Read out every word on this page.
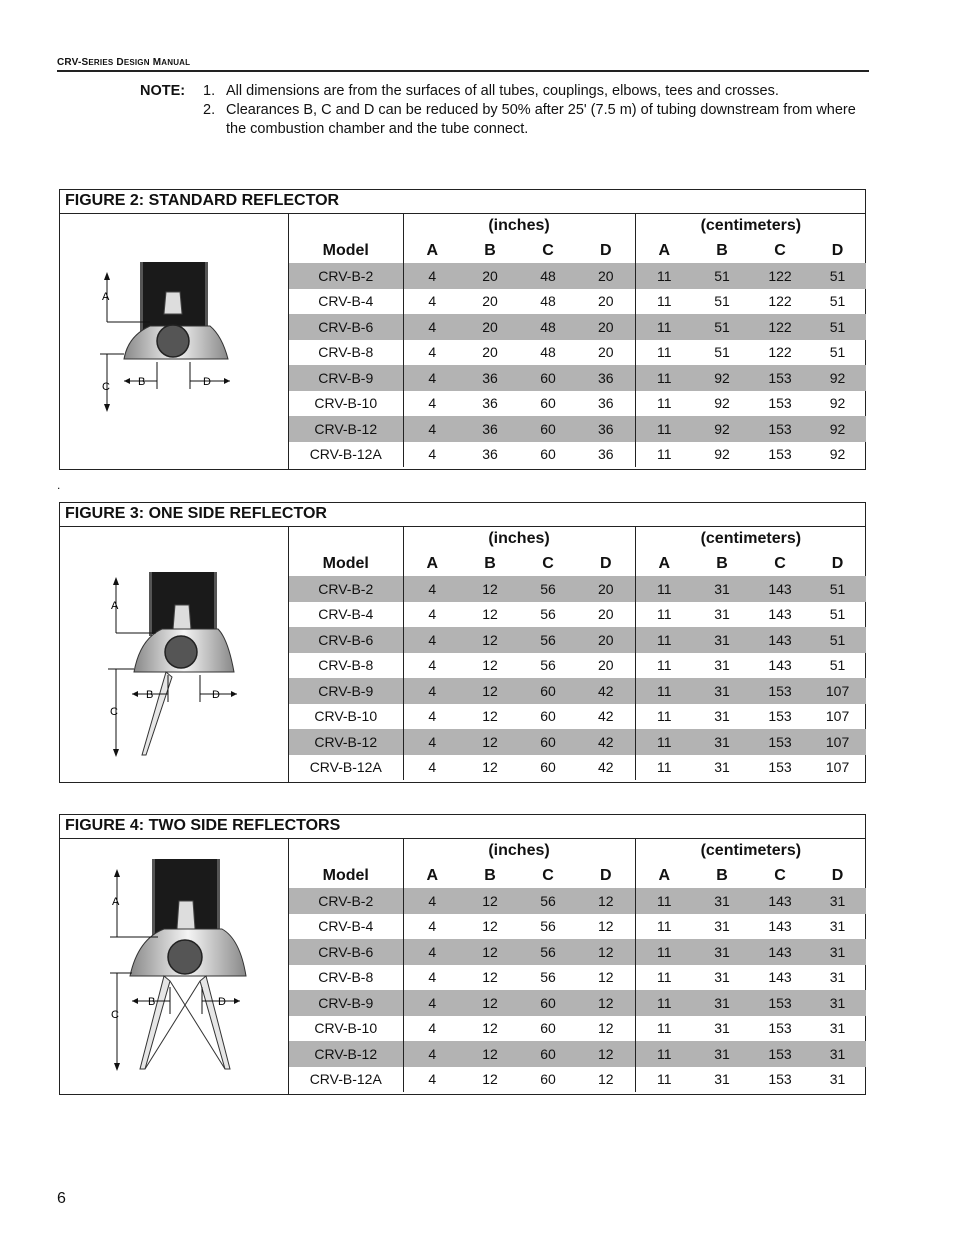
CRV-SERIES DESIGN MANUAL
NOTE: 1. All dimensions are from the surfaces of all tubes, couplings, elbows, tees and crosses.
2. Clearances B, C and D can be reduced by 50% after 25' (7.5 m) of tubing downstream from where the combustion chamber and the tube connect.
FIGURE 2: STANDARD REFLECTOR
A
B
C	D
	(inches)				(centimeters)			
Model	A	B	C	D	A	B	C	D
CRV-B-2	4	20	48	20	11	51	122	51
CRV-B-4	4	20	48	20	11	51	122	51
CRV-B-6	4	20	48	20	11	51	122	51
CRV-B-8	4	20	48	20	11	51	122	51
CRV-B-9	4	36	60	36	11	92	153	92
CRV-B-10	4	36	60	36	11	92	153	92
CRV-B-12	4	36	60	36	11	92	153	92
CRV-B-12A	4	36	60	36	11	92	153	92
.
FIGURE 3: ONE SIDE REFLECTOR
A
B
C
D
	(inches)				(centimeters)			
Model	A	B	C	D	A	B	C	D
CRV-B-2	4	12	56	20	11	31	143	51
CRV-B-4	4	12	56	20	11	31	143	51
CRV-B-6	4	12	56	20	11	31	143	51
CRV-B-8	4	12	56	20	11	31	143	51
CRV-B-9	4	12	60	42	11	31	153	107
CRV-B-10	4	12	60	42	11	31	153	107
CRV-B-12	4	12	60	42	11	31	153	107
CRV-B-12A	4	12	60	42	11	31	153	107
FIGURE 4: TWO SIDE REFLECTORS
A
B
C
D
	(inches)				(centimeters)			
Model	A	B	C	D	A	B	C	D
CRV-B-2	4	12	56	12	11	31	143	31
CRV-B-4	4	12	56	12	11	31	143	31
CRV-B-6	4	12	56	12	11	31	143	31
CRV-B-8	4	12	56	12	11	31	143	31
CRV-B-9	4	12	60	12	11	31	153	31
CRV-B-10	4	12	60	12	11	31	153	31
CRV-B-12	4	12	60	12	11	31	153	31
CRV-B-12A	4	12	60	12	11	31	153	31
6
